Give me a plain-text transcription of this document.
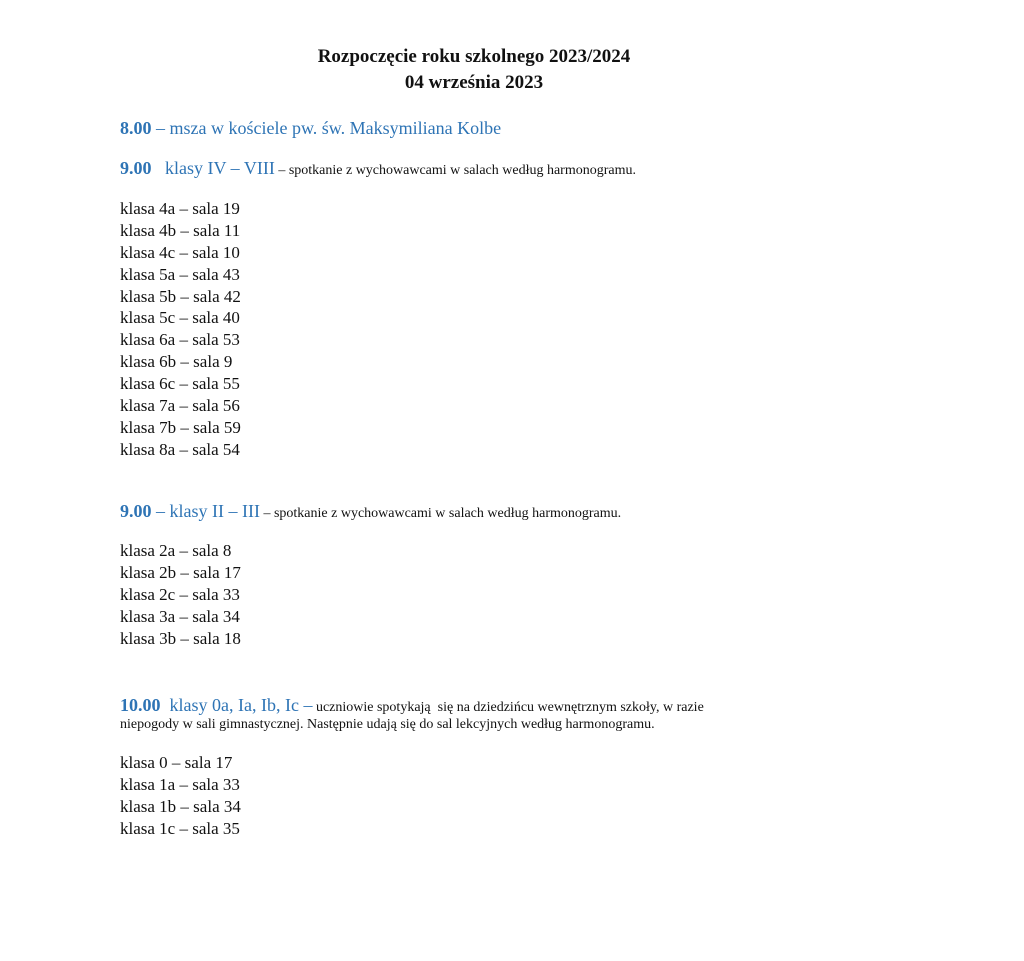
Rozpoczęcie roku szkolnego 2023/2024
04 września 2023
8.00 – msza w kościele pw. św. Maksymiliana Kolbe
9.00   klasy IV – VIII – spotkanie z wychowawcami w salach według harmonogramu.
klasa 4a – sala 19
klasa 4b – sala 11
klasa 4c – sala 10
klasa 5a – sala 43
klasa 5b – sala 42
klasa 5c – sala 40
klasa 6a – sala 53
klasa 6b – sala 9
klasa 6c – sala 55
klasa 7a – sala 56
klasa 7b – sala 59
klasa 8a – sala 54
9.00 – klasy II – III – spotkanie z wychowawcami w salach według harmonogramu.
klasa 2a – sala 8
klasa 2b – sala 17
klasa 2c – sala 33
klasa 3a – sala 34
klasa 3b – sala 18
10.00  klasy 0a, Ia, Ib, Ic – uczniowie spotykają  się na dziedzińcu wewnętrznym szkoły, w razie
niepogody w sali gimnastycznej. Następnie udają się do sal lekcyjnych według harmonogramu.
klasa 0 – sala 17
klasa 1a – sala 33
klasa 1b – sala 34
klasa 1c – sala 35
